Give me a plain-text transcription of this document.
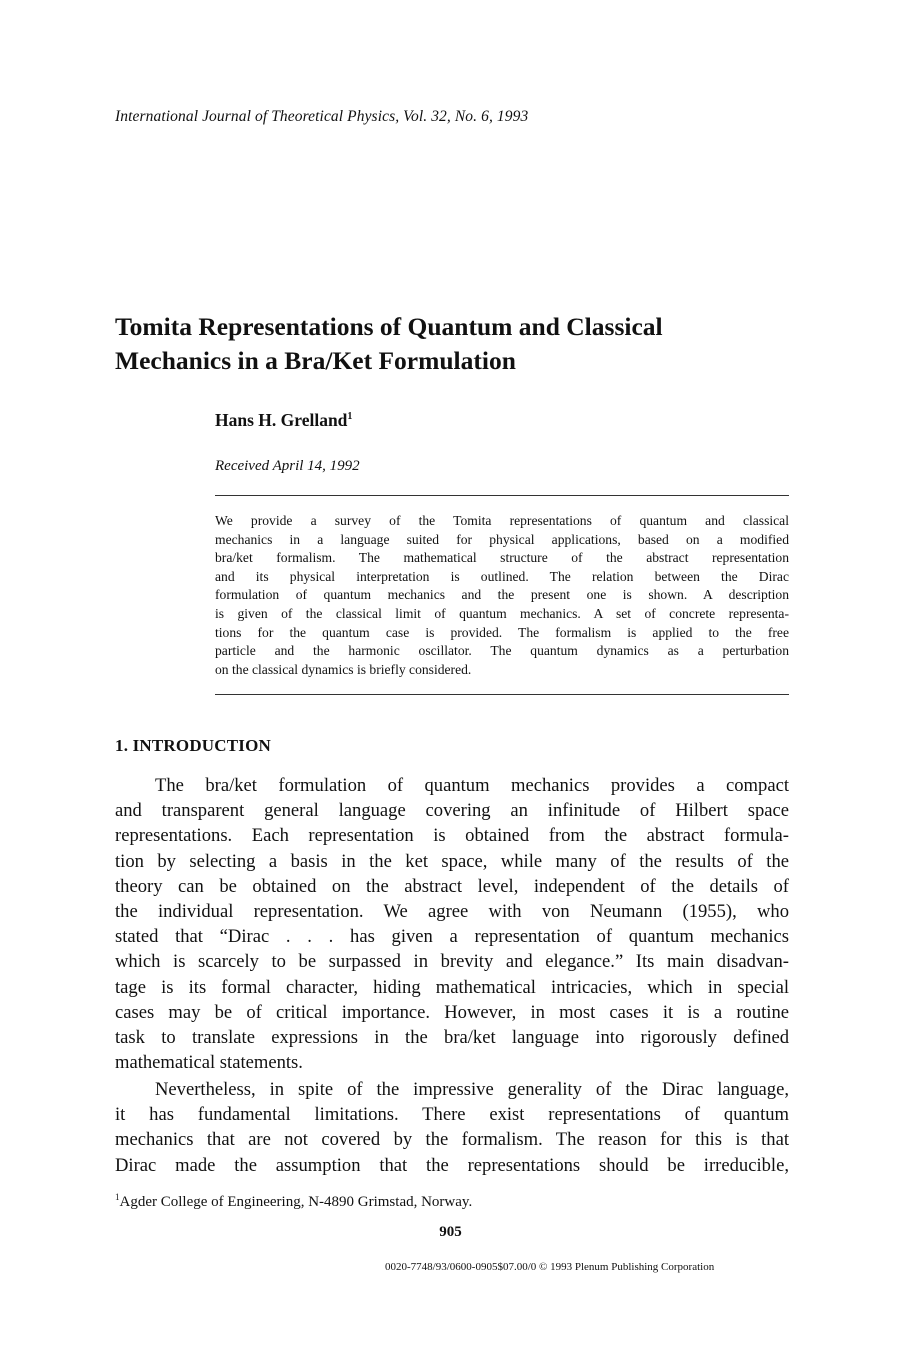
International Journal of Theoretical Physics, Vol. 32, No. 6, 1993
Tomita Representations of Quantum and Classical
Mechanics in a Bra/Ket Formulation
Hans H. Grelland$^1$
Received April 14, 1992
We provide a survey of the Tomita representations of quantum and classical
mechanics in a language suited for physical applications, based on a modified
bra/ket formalism. The mathematical structure of the abstract representation
and its physical interpretation is outlined. The relation between the Dirac
formulation of quantum mechanics and the present one is shown. A description
is given of the classical limit of quantum mechanics. A set of concrete representa-
tions for the quantum case is provided. The formalism is applied to the free
particle and the harmonic oscillator. The quantum dynamics as a perturbation
on the classical dynamics is briefly considered.
1. INTRODUCTION
The bra/ket formulation of quantum mechanics provides a compact
and transparent general language covering an infinitude of Hilbert space
representations. Each representation is obtained from the abstract formula-
tion by selecting a basis in the ket space, while many of the results of the
theory can be obtained on the abstract level, independent of the details of
the individual representation. We agree with von Neumann (1955), who
stated that “Dirac . . . has given a representation of quantum mechanics
which is scarcely to be surpassed in brevity and elegance.” Its main disadvan-
tage is its formal character, hiding mathematical intricacies, which in special
cases may be of critical importance. However, in most cases it is a routine
task to translate expressions in the bra/ket language into rigorously defined
mathematical statements.
Nevertheless, in spite of the impressive generality of the Dirac language,
it has fundamental limitations. There exist representations of quantum
mechanics that are not covered by the formalism. The reason for this is that
Dirac made the assumption that the representations should be irreducible,
$^1$Agder College of Engineering, N-4890 Grimstad, Norway.
905
0020-7748/93/0600-0905$07.00/0 © 1993 Plenum Publishing Corporation
